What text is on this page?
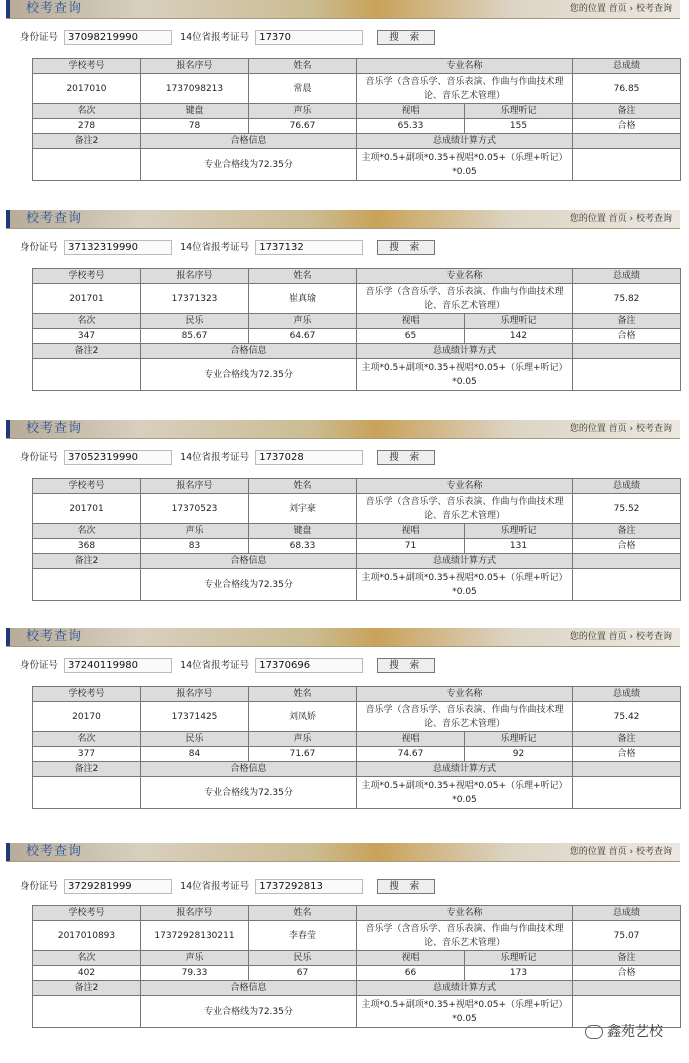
校考查询	您的位置 首页 › 校考查询
身份证号 37098219990	14位省报考证号 17370	搜 索
学校考号	报名序号	姓名	专业名称		总成绩
2017010	1737098213	常晨	音乐学（含音乐学、音乐表演、作曲与作曲技术理论、音乐艺术管理）		76.85
名次	键盘	声乐	视唱	乐理听记	备注
278	78	76.67	65.33	155	合格
备注2	合格信息		总成绩计算方式		
	专业合格线为72.35分		主项*0.5+副项*0.35+视唱*0.05+（乐理+听记）*0.05		
校考查询	您的位置 首页 › 校考查询
身份证号 37132319990	14位省报考证号 1737132	搜 索
学校考号	报名序号	姓名	专业名称		总成绩
201701	17371323	崔真瑜	音乐学（含音乐学、音乐表演、作曲与作曲技术理论、音乐艺术管理）		75.82
名次	民乐	声乐	视唱	乐理听记	备注
347	85.67	64.67	65	142	合格
备注2	合格信息		总成绩计算方式		
	专业合格线为72.35分		主项*0.5+副项*0.35+视唱*0.05+（乐理+听记）*0.05		
校考查询	您的位置 首页 › 校考查询
身份证号 37052319990	14位省报考证号 1737028	搜 索
学校考号	报名序号	姓名	专业名称		总成绩
201701	17370523	刘宇豪	音乐学（含音乐学、音乐表演、作曲与作曲技术理论、音乐艺术管理）		75.52
名次	声乐	键盘	视唱	乐理听记	备注
368	83	68.33	71	131	合格
备注2	合格信息		总成绩计算方式		
	专业合格线为72.35分		主项*0.5+副项*0.35+视唱*0.05+（乐理+听记）*0.05		
校考查询	您的位置 首页 › 校考查询
身份证号 37240119980	14位省报考证号 17370696	搜 索
学校考号	报名序号	姓名	专业名称		总成绩
20170	17371425	刘凤娇	音乐学（含音乐学、音乐表演、作曲与作曲技术理论、音乐艺术管理）		75.42
名次	民乐	声乐	视唱	乐理听记	备注
377	84	71.67	74.67	92	合格
备注2	合格信息		总成绩计算方式		
	专业合格线为72.35分		主项*0.5+副项*0.35+视唱*0.05+（乐理+听记）*0.05		
校考查询	您的位置 首页 › 校考查询
身份证号 3729281999	14位省报考证号 1737292813	搜 索
学校考号	报名序号	姓名	专业名称		总成绩
2017010893	17372928130211	李春莹	音乐学（含音乐学、音乐表演、作曲与作曲技术理论、音乐艺术管理）		75.07
名次	声乐	民乐	视唱	乐理听记	备注
402	79.33	67	66	173	合格
备注2	合格信息		总成绩计算方式		
	专业合格线为72.35分		主项*0.5+副项*0.35+视唱*0.05+（乐理+听记）*0.05		
鑫苑艺校
